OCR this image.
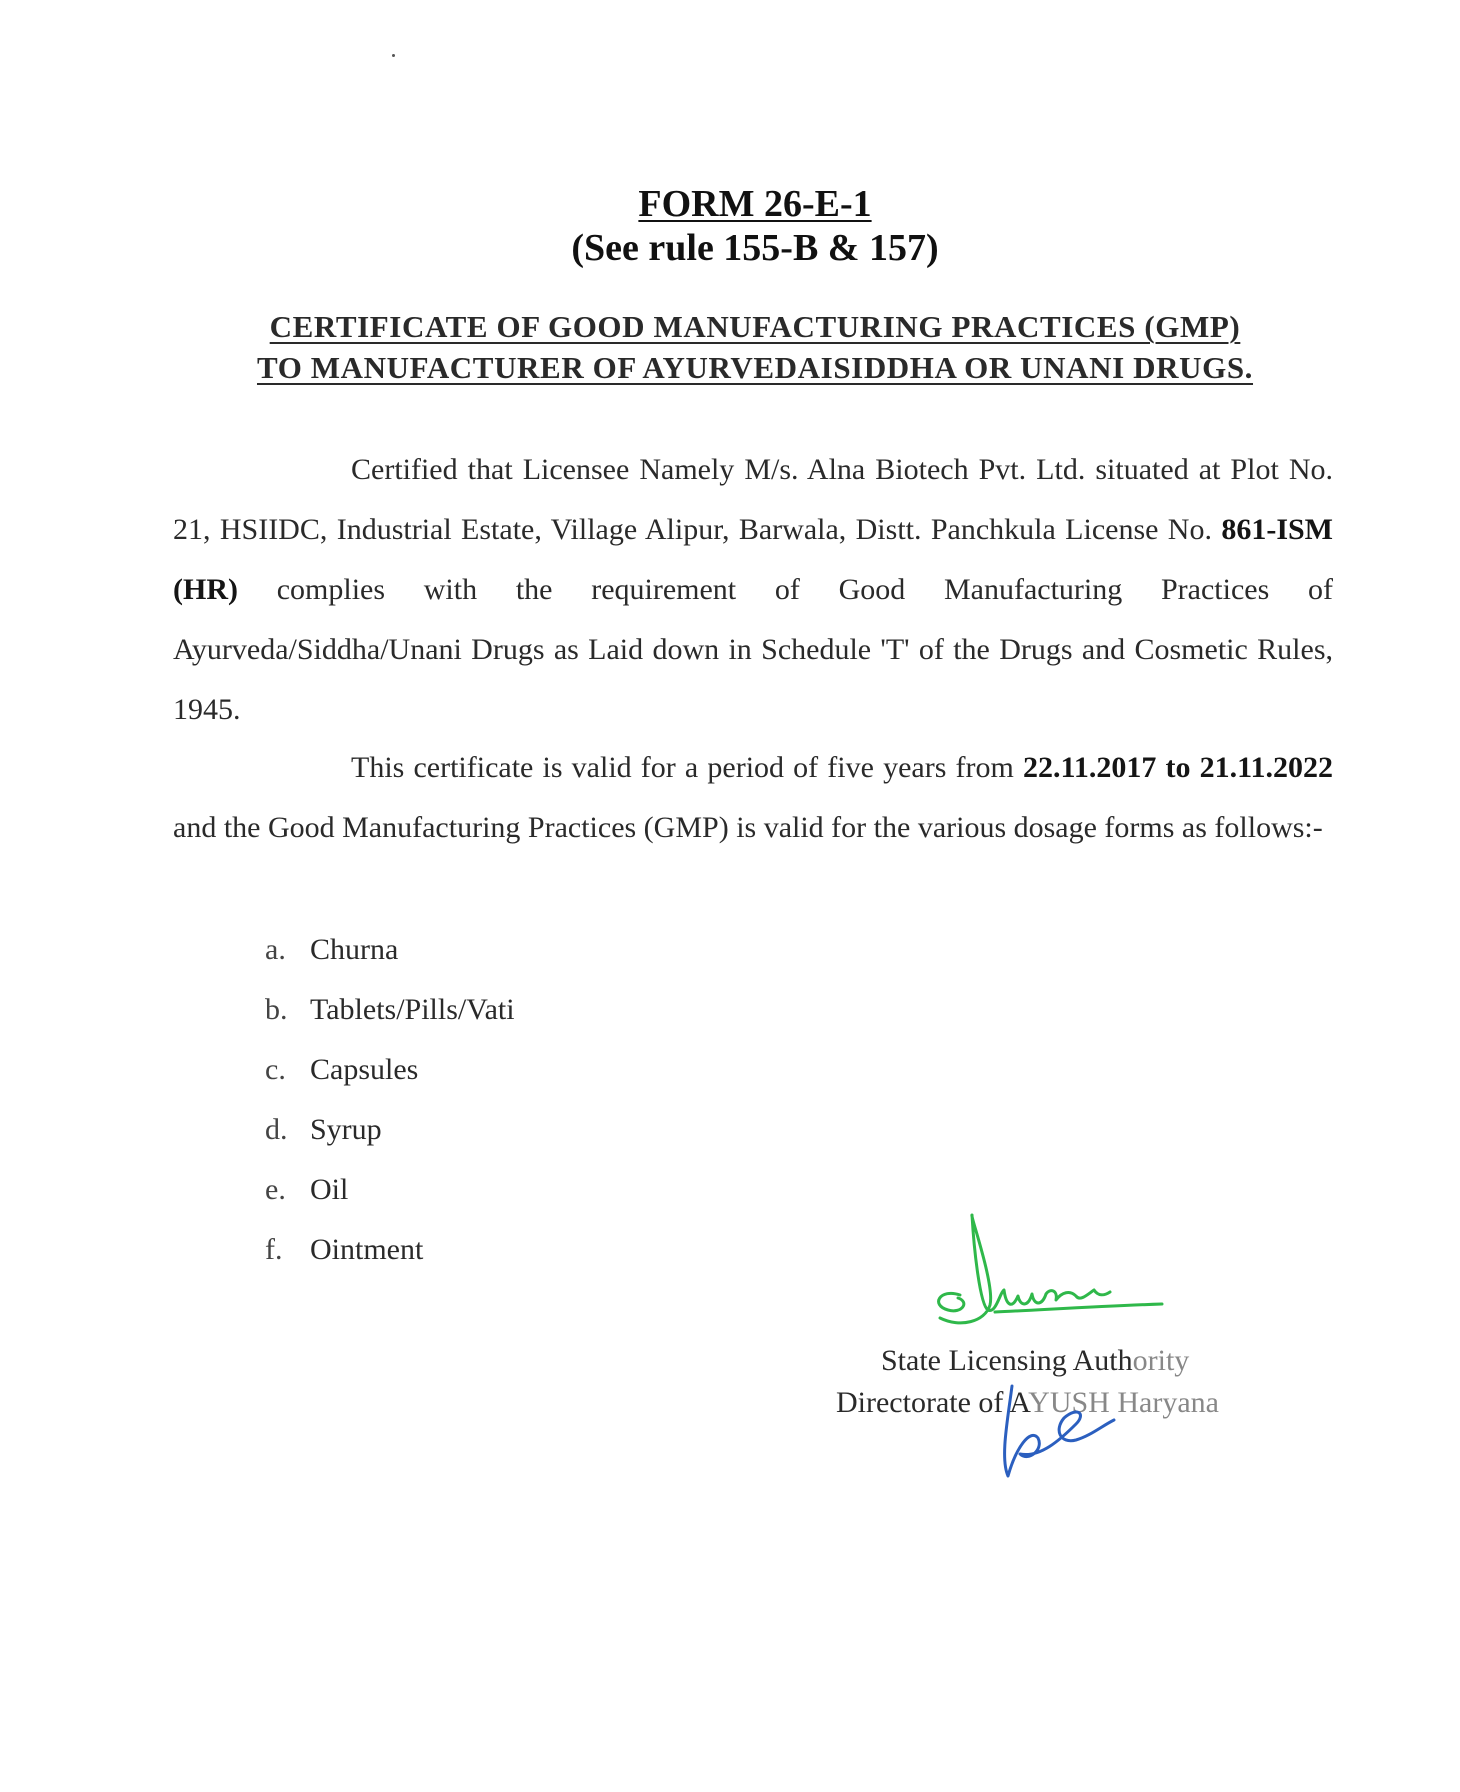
FORM 26-E-1
(See rule 155-B & 157)
CERTIFICATE OF GOOD MANUFACTURING PRACTICES (GMP)
TO MANUFACTURER OF AYURVEDAISIDDHA OR UNANI DRUGS.
Certified that Licensee Namely M/s. Alna Biotech Pvt. Ltd. situated at Plot No. 21, HSIIDC, Industrial Estate, Village Alipur, Barwala, Distt. Panchkula License No. 861-ISM (HR) complies with the requirement of Good Manufacturing Practices of Ayurveda/Siddha/Unani Drugs as Laid down in Schedule 'T' of the Drugs and Cosmetic Rules, 1945.
This certificate is valid for a period of five years from 22.11.2017 to 21.11.2022 and the Good Manufacturing Practices (GMP) is valid for the various dosage forms as follows:-
a. Churna
b. Tablets/Pills/Vati
c. Capsules
d. Syrup
e. Oil
f. Ointment
State Licensing Authority
Directorate of AYUSH Haryana
